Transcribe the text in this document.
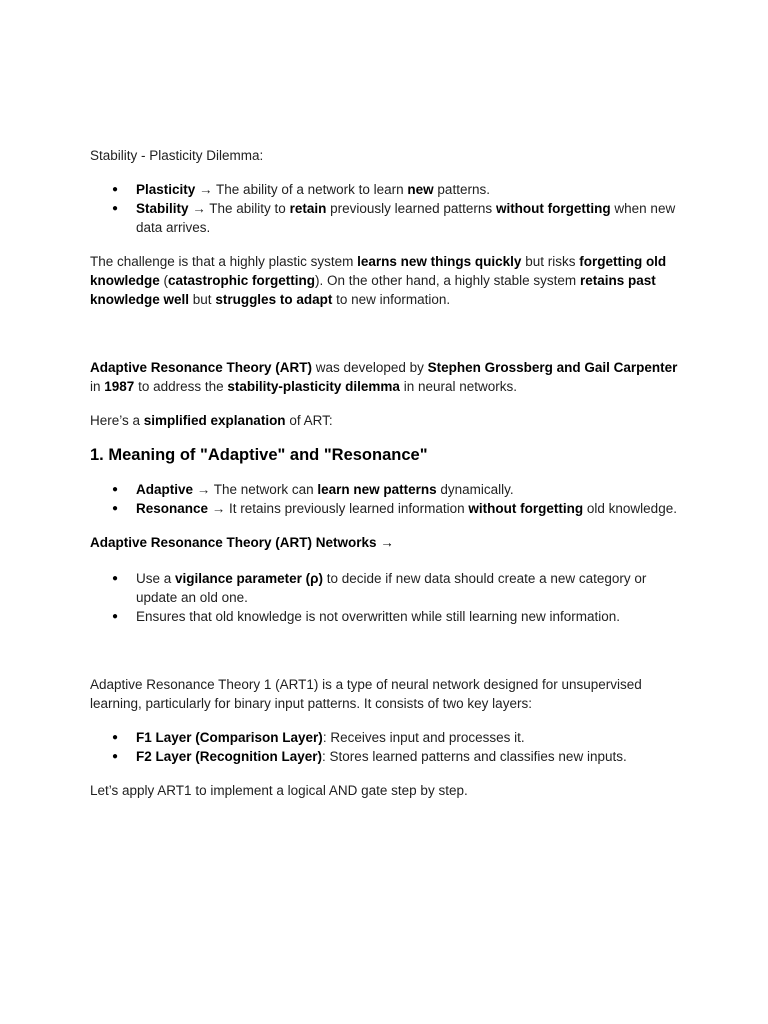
Stability - Plasticity Dilemma:

● Plasticity → The ability of a network to learn new patterns.
● Stability → The ability to retain previously learned patterns without forgetting when new data arrives.

The challenge is that a highly plastic system learns new things quickly but risks forgetting old knowledge (catastrophic forgetting). On the other hand, a highly stable system retains past knowledge well but struggles to adapt to new information.

Adaptive Resonance Theory (ART) was developed by Stephen Grossberg and Gail Carpenter in 1987 to address the stability-plasticity dilemma in neural networks.

Here’s a simplified explanation of ART:

1. Meaning of "Adaptive" and "Resonance"
● Adaptive → The network can learn new patterns dynamically.
● Resonance → It retains previously learned information without forgetting old knowledge.

Adaptive Resonance Theory (ART) Networks →

● Use a vigilance parameter (ρ) to decide if new data should create a new category or update an old one.
● Ensures that old knowledge is not overwritten while still learning new information.

Adaptive Resonance Theory 1 (ART1) is a type of neural network designed for unsupervised learning, particularly for binary input patterns. It consists of two key layers:

● F1 Layer (Comparison Layer): Receives input and processes it.
● F2 Layer (Recognition Layer): Stores learned patterns and classifies new inputs.

Let’s apply ART1 to implement a logical AND gate step by step.
